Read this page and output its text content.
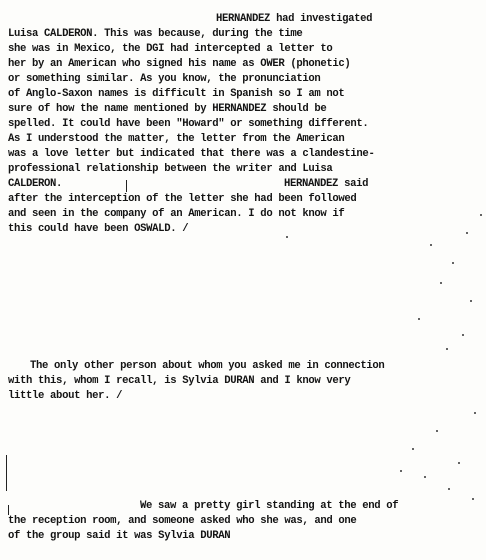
HERNANDEZ had investigated
Luisa CALDERON. This was because, during the time
she was in Mexico, the DGI had intercepted a letter to
her by an American who signed his name as OWER (phonetic)
or something similar. As you know, the pronunciation
of Anglo-Saxon names is difficult in Spanish so I am not
sure of how the name mentioned by HERNANDEZ should be
spelled. It could have been "Howard" or something different.
As I understood the matter, the letter from the American
was a love letter but indicated that there was a clandestine-
professional relationship between the writer and Luisa
CALDERON.	HERNANDEZ said
after the interception of the letter she had been followed
and seen in the company of an American. I do not know if
this could have been OSWALD. /
The only other person about whom you asked me in connection
with this, whom I recall, is Sylvia DURAN and I know very
little about her. /
We saw a pretty girl standing at the end of
the reception room, and someone asked who she was, and one
of the group said it was Sylvia DURAN
